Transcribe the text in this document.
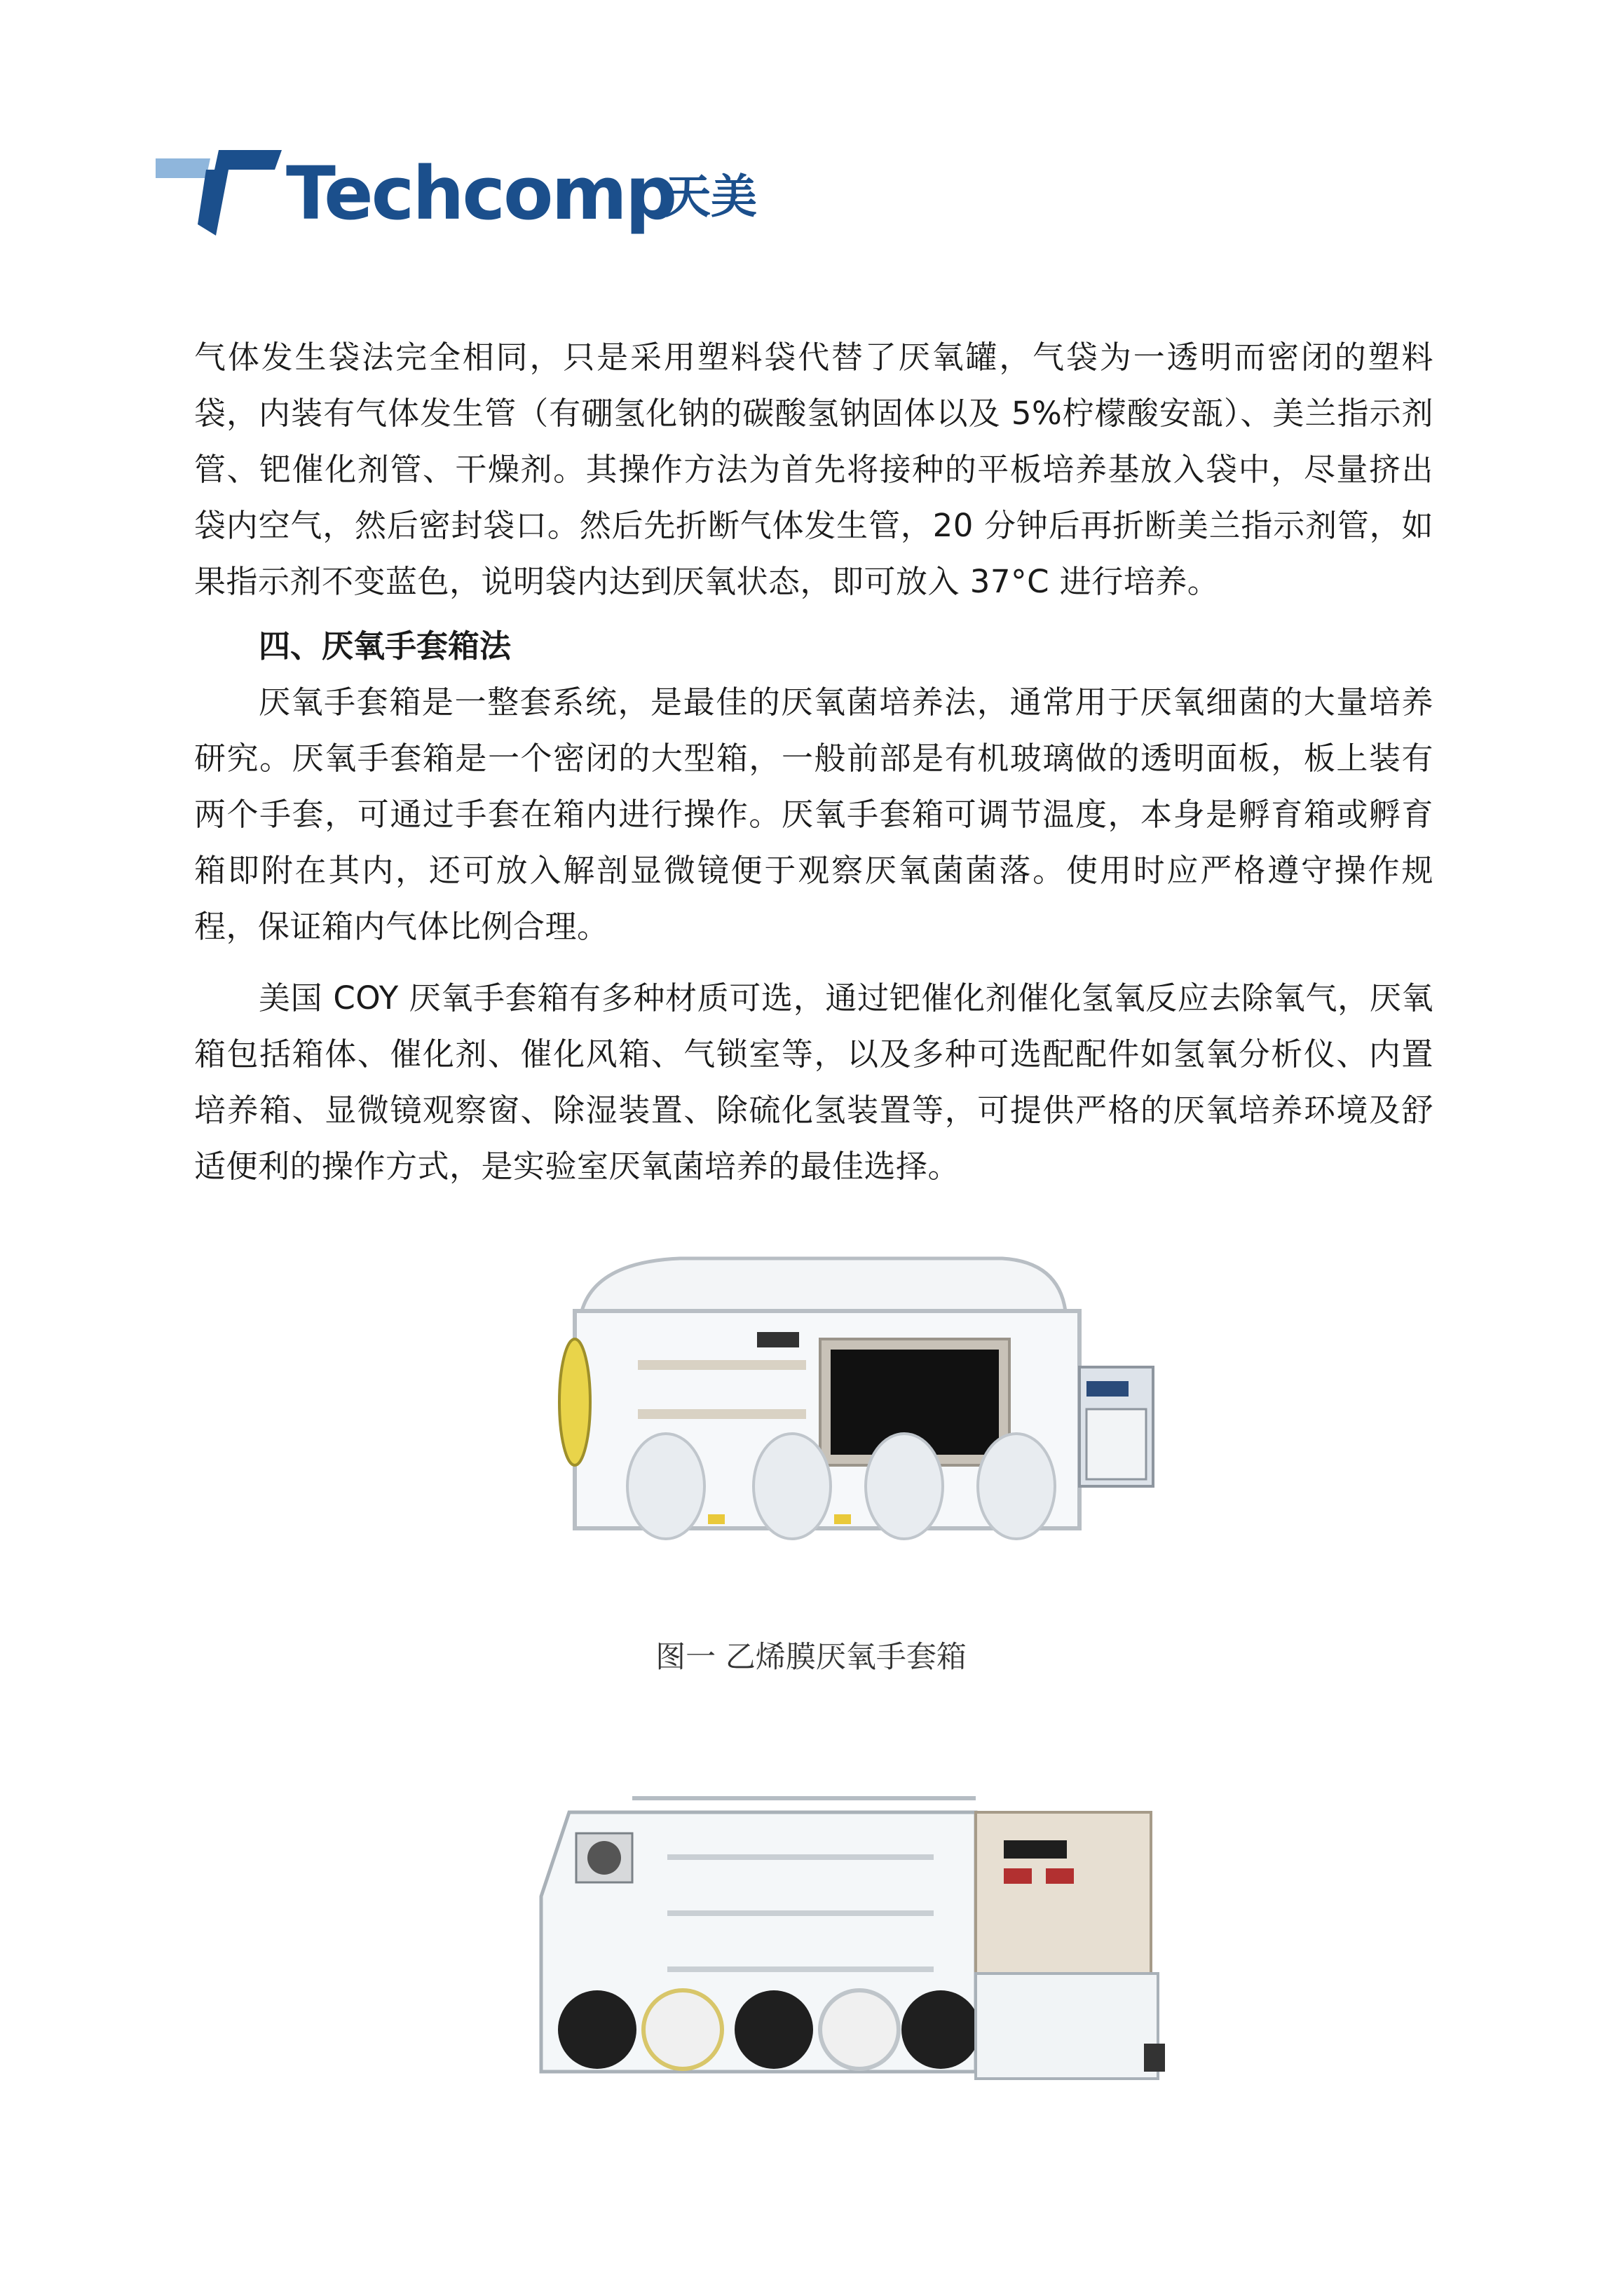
Techcomp
天美

气体发生袋法完全相同，只是采用塑料袋代替了厌氧罐，气袋为一透明而密闭的塑料袋，内装有气体发生管（有硼氢化钠的碳酸氢钠固体以及 5%柠檬酸安瓿）、美兰指示剂管、钯催化剂管、干燥剂。其操作方法为首先将接种的平板培养基放入袋中，尽量挤出袋内空气，然后密封袋口。然后先折断气体发生管，20 分钟后再折断美兰指示剂管，如果指示剂不变蓝色，说明袋内达到厌氧状态，即可放入 37°C 进行培养。

四、厌氧手套箱法

厌氧手套箱是一整套系统，是最佳的厌氧菌培养法，通常用于厌氧细菌的大量培养研究。厌氧手套箱是一个密闭的大型箱，一般前部是有机玻璃做的透明面板，板上装有两个手套，可通过手套在箱内进行操作。厌氧手套箱可调节温度，本身是孵育箱或孵育箱即附在其内，还可放入解剖显微镜便于观察厌氧菌菌落。使用时应严格遵守操作规程，保证箱内气体比例合理。

美国 COY 厌氧手套箱有多种材质可选，通过钯催化剂催化氢氧反应去除氧气，厌氧箱包括箱体、催化剂、催化风箱、气锁室等，以及多种可选配配件如氢氧分析仪、内置培养箱、显微镜观察窗、除湿装置、除硫化氢装置等，可提供严格的厌氧培养环境及舒适便利的操作方式，是实验室厌氧菌培养的最佳选择。

图一 乙烯膜厌氧手套箱
